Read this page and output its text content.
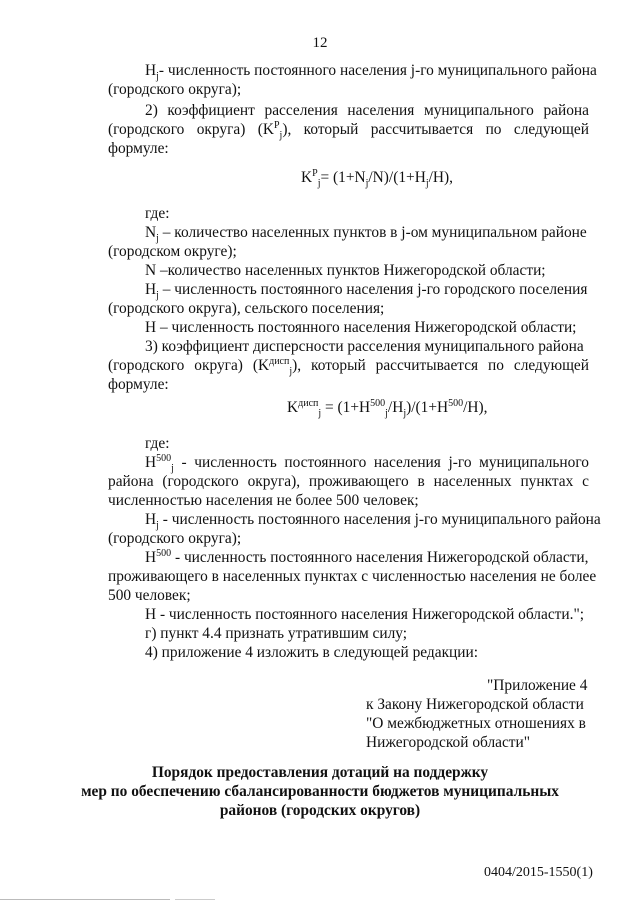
12
$H_j-$ численность постоянного населения j-го муниципального района
(городского округа);
2) коэффициент расселения населения муниципального района
(городского округа) $(K^P_j)$, который рассчитывается по следующей
формуле:
$K^P_j= (1+N_j/N)/(1+H_j/H)$,
где:
$N_j$ – количество населенных пунктов в j-ом муниципальном районе
(городском округе);
N –количество населенных пунктов Нижегородской области;
$H_j$ – численность постоянного населения j-го городского поселения
(городского округа), сельского поселения;
H – численность постоянного населения Нижегородской области;
3) коэффициент дисперсности расселения муниципального района
(городского округа) $(K^{дисп}_j)$, который рассчитывается по следующей
формуле:
$K^{дисп}_j = (1+H^{500}_j/H_j)/(1+H^{500}/H)$,
где:
$H^{500}_j$ - численность постоянного населения j-го муниципального
района (городского округа), проживающего в населенных пунктах с
численностью населения не более 500 человек;
$H_j$ - численность постоянного населения j-го муниципального района
(городского округа);
$H^{500}$ - численность постоянного населения Нижегородской области,
проживающего в населенных пунктах с численностью населения не более
500 человек;
H - численность постоянного населения Нижегородской области.";
г) пункт 4.4 признать утратившим силу;
4) приложение 4 изложить в следующей редакции:
"Приложение 4
к Закону Нижегородской области
"О межбюджетных отношениях в
Нижегородской области"
Порядок предоставления дотаций на поддержку
мер по обеспечению сбалансированности бюджетов муниципальных
районов (городских округов)
0404/2015-1550(1)
